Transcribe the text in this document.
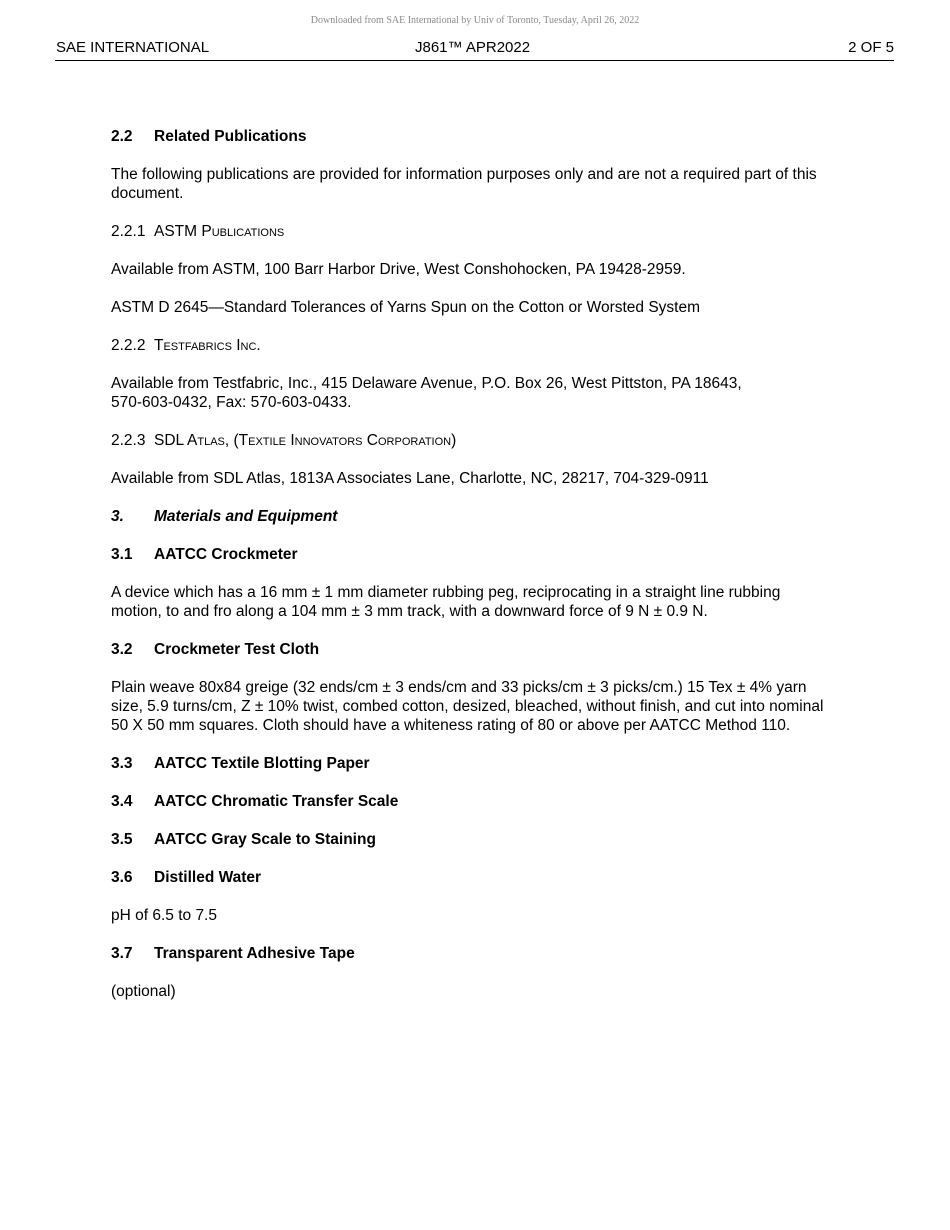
Downloaded from SAE International by Univ of Toronto, Tuesday, April 26, 2022
SAE INTERNATIONAL	J861™ APR2022	2 OF 5
2.2 Related Publications

The following publications are provided for information purposes only and are not a required part of this document.

2.2.1 ASTM Publications

Available from ASTM, 100 Barr Harbor Drive, West Conshohocken, PA 19428-2959.

ASTM D 2645—Standard Tolerances of Yarns Spun on the Cotton or Worsted System

2.2.2 Testfabrics Inc.

Available from Testfabric, Inc., 415 Delaware Avenue, P.O. Box 26, West Pittston, PA 18643,
570-603-0432, Fax: 570-603-0433.

2.2.3 SDL Atlas, (Textile Innovators Corporation)

Available from SDL Atlas, 1813A Associates Lane, Charlotte, NC, 28217, 704-329-0911

3. Materials and Equipment
3.1 AATCC Crockmeter

A device which has a 16 mm ± 1 mm diameter rubbing peg, reciprocating in a straight line rubbing
motion, to and fro along a 104 mm ± 3 mm track, with a downward force of 9 N ± 0.9 N.

3.2 Crockmeter Test Cloth

Plain weave 80x84 greige (32 ends/cm ± 3 ends/cm and 33 picks/cm ± 3 picks/cm.) 15 Tex ± 4% yarn
size, 5.9 turns/cm, Z ± 10% twist, combed cotton, desized, bleached, without finish, and cut into nominal
50 X 50 mm squares. Cloth should have a whiteness rating of 80 or above per AATCC Method 110.

3.3 AATCC Textile Blotting Paper
3.4 AATCC Chromatic Transfer Scale
3.5 AATCC Gray Scale to Staining
3.6 Distilled Water

pH of 6.5 to 7.5

3.7 Transparent Adhesive Tape

(optional)
